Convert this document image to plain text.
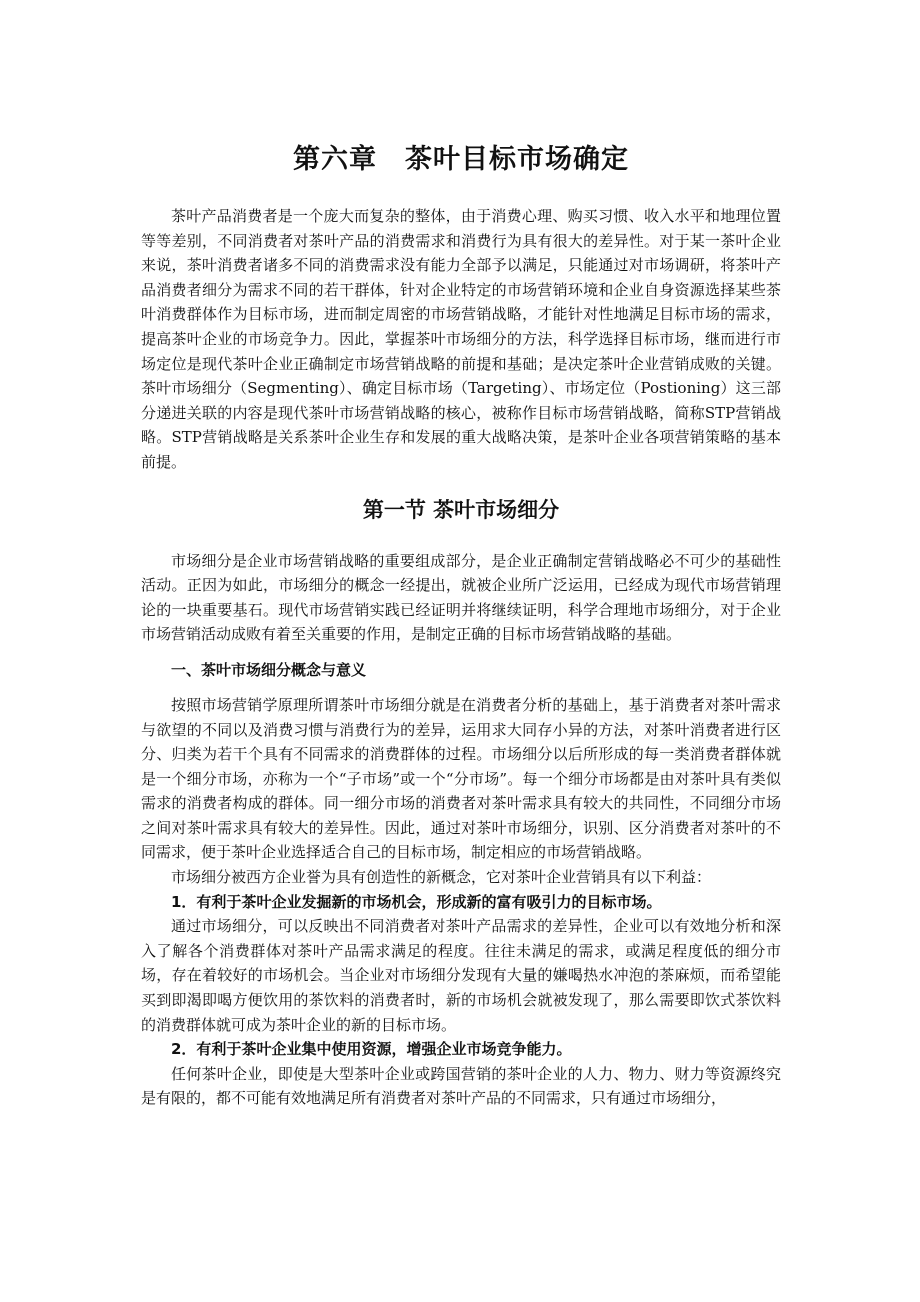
第六章　茶叶目标市场确定

茶叶产品消费者是一个庞大而复杂的整体，由于消费心理、购买习惯、收入水平和地理位置等等差别，不同消费者对茶叶产品的消费需求和消费行为具有很大的差异性。对于某一茶叶企业来说，茶叶消费者诸多不同的消费需求没有能力全部予以满足，只能通过对市场调研，将茶叶产品消费者细分为需求不同的若干群体，针对企业特定的市场营销环境和企业自身资源选择某些茶叶消费群体作为目标市场，进而制定周密的市场营销战略，才能针对性地满足目标市场的需求，提高茶叶企业的市场竞争力。因此，掌握茶叶市场细分的方法，科学选择目标市场，继而进行市场定位是现代茶叶企业正确制定市场营销战略的前提和基础；是决定茶叶企业营销成败的关键。茶叶市场细分（Segmenting）、确定目标市场（Targeting）、市场定位（Postioning）这三部分递进关联的内容是现代茶叶市场营销战略的核心，被称作目标市场营销战略，简称STP营销战略。STP营销战略是关系茶叶企业生存和发展的重大战略决策，是茶叶企业各项营销策略的基本前提。

第一节 茶叶市场细分

市场细分是企业市场营销战略的重要组成部分，是企业正确制定营销战略必不可少的基础性活动。正因为如此，市场细分的概念一经提出，就被企业所广泛运用，已经成为现代市场营销理论的一块重要基石。现代市场营销实践已经证明并将继续证明，科学合理地市场细分，对于企业市场营销活动成败有着至关重要的作用，是制定正确的目标市场营销战略的基础。

一、茶叶市场细分概念与意义

按照市场营销学原理所谓茶叶市场细分就是在消费者分析的基础上，基于消费者对茶叶需求与欲望的不同以及消费习惯与消费行为的差异，运用求大同存小异的方法，对茶叶消费者进行区分、归类为若干个具有不同需求的消费群体的过程。市场细分以后所形成的每一类消费者群体就是一个细分市场，亦称为一个“子市场”或一个“分市场”。每一个细分市场都是由对茶叶具有类似需求的消费者构成的群体。同一细分市场的消费者对茶叶需求具有较大的共同性，不同细分市场之间对茶叶需求具有较大的差异性。因此，通过对茶叶市场细分，识别、区分消费者对茶叶的不同需求，便于茶叶企业选择适合自己的目标市场，制定相应的市场营销战略。

市场细分被西方企业誉为具有创造性的新概念，它对茶叶企业营销具有以下利益：

1．有利于茶叶企业发掘新的市场机会，形成新的富有吸引力的目标市场。

通过市场细分，可以反映出不同消费者对茶叶产品需求的差异性，企业可以有效地分析和深入了解各个消费群体对茶叶产品需求满足的程度。往往未满足的需求，或满足程度低的细分市场，存在着较好的市场机会。当企业对市场细分发现有大量的嫌喝热水冲泡的茶麻烦，而希望能买到即渴即喝方便饮用的茶饮料的消费者时，新的市场机会就被发现了，那么需要即饮式茶饮料的消费群体就可成为茶叶企业的新的目标市场。

2．有利于茶叶企业集中使用资源，增强企业市场竞争能力。

任何茶叶企业，即使是大型茶叶企业或跨国营销的茶叶企业的人力、物力、财力等资源终究是有限的，都不可能有效地满足所有消费者对茶叶产品的不同需求，只有通过市场细分，
